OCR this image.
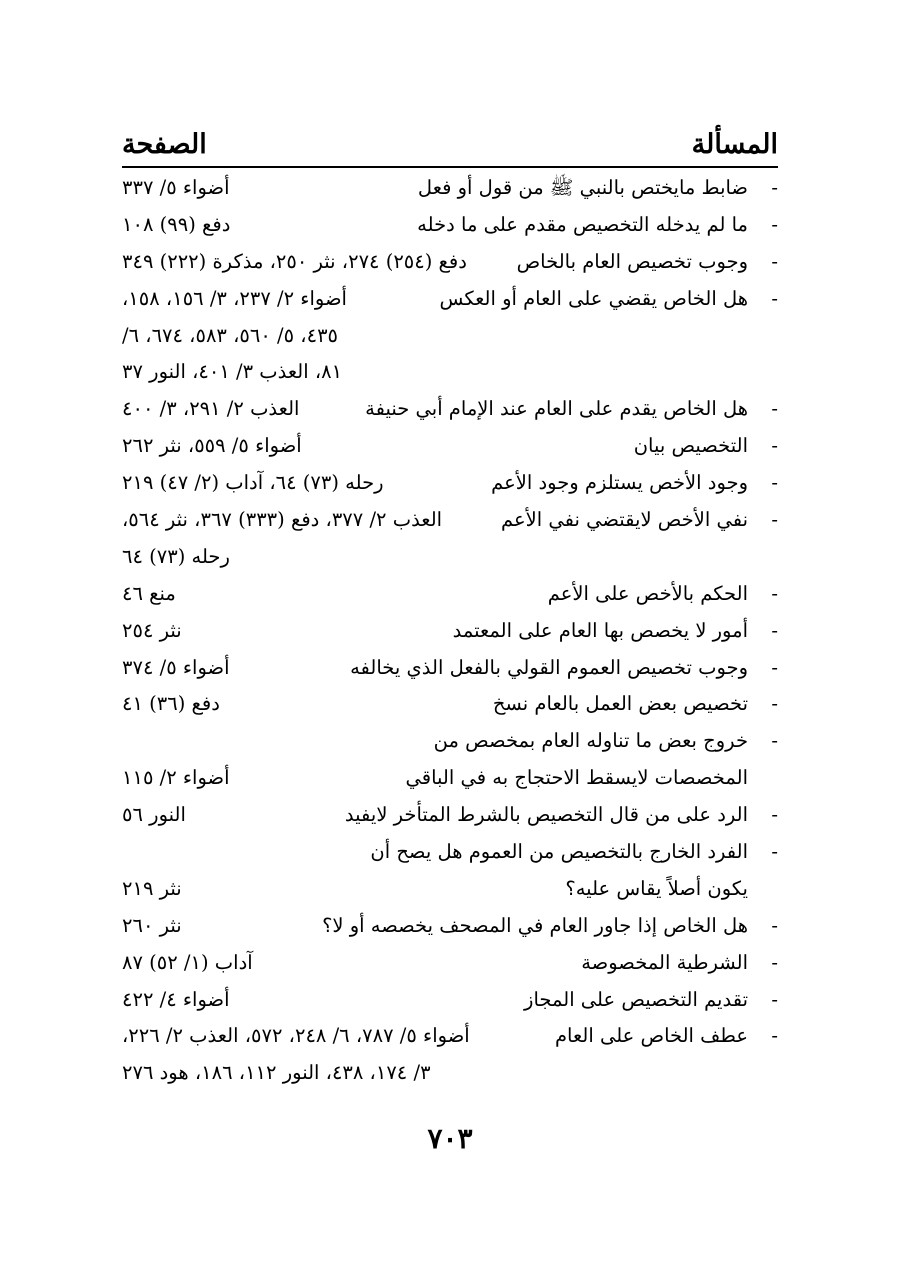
المسألة
الصفحة
-
ضابط مايختص بالنبي ﷺ من قول أو فعل
أضواء ٥/ ٣٣٧
-
ما لم يدخله التخصيص مقدم على ما دخله
دفع (٩٩) ١٠٨
-
وجوب تخصيص العام بالخاص
دفع (٢٥٤) ٢٧٤، نثر ٢٥٠، مذكرة (٢٢٢) ٣٤٩
-
هل الخاص يقضي على العام أو العكس
أضواء ٢/ ٢٣٧، ٣/ ١٥٦، ١٥٨،
٤٣٥، ٥/ ٥٦٠، ٥٨٣، ٦٧٤، ٦/
٨١، العذب ٣/ ٤٠١، النور ٣٧
-
هل الخاص يقدم على العام عند الإمام أبي حنيفة
العذب ٢/ ٢٩١، ٣/ ٤٠٠
-
التخصيص بيان
أضواء ٥/ ٥٥٩، نثر ٢٦٢
-
وجود الأخص يستلزم وجود الأعم
رحله (٧٣) ٦٤، آداب (٢/ ٤٧) ٢١٩
-
نفي الأخص لايقتضي نفي الأعم
العذب ٢/ ٣٧٧، دفع (٣٣٣) ٣٦٧، نثر ٥٦٤،
رحله (٧٣) ٦٤
-
الحكم بالأخص على الأعم
منع ٤٦
-
أمور لا يخصص بها العام على المعتمد
نثر ٢٥٤
-
وجوب تخصيص العموم القولي بالفعل الذي يخالفه
أضواء ٥/ ٣٧٤
-
تخصيص بعض العمل بالعام نسخ
دفع (٣٦) ٤١
-
خروج بعض ما تناوله العام بمخصص من
المخصصات لايسقط الاحتجاج به في الباقي
أضواء ٢/ ١١٥
-
الرد على من قال التخصيص بالشرط المتأخر لايفيد
النور ٥٦
-
الفرد الخارج بالتخصيص من العموم هل يصح أن
يكون أصلاً يقاس عليه؟
نثر ٢١٩
-
هل الخاص إذا جاور العام في المصحف يخصصه أو لا؟
نثر ٢٦٠
-
الشرطية المخصوصة
آداب (١/ ٥٢) ٨٧
-
تقديم التخصيص على المجاز
أضواء ٤/ ٤٢٢
-
عطف الخاص على العام
أضواء ٥/ ٧٨٧، ٦/ ٢٤٨، ٥٧٢، العذب ٢/ ٢٢٦،
٣/ ١٧٤، ٤٣٨، النور ١١٢، ١٨٦، هود ٢٧٦
٧٠٣
